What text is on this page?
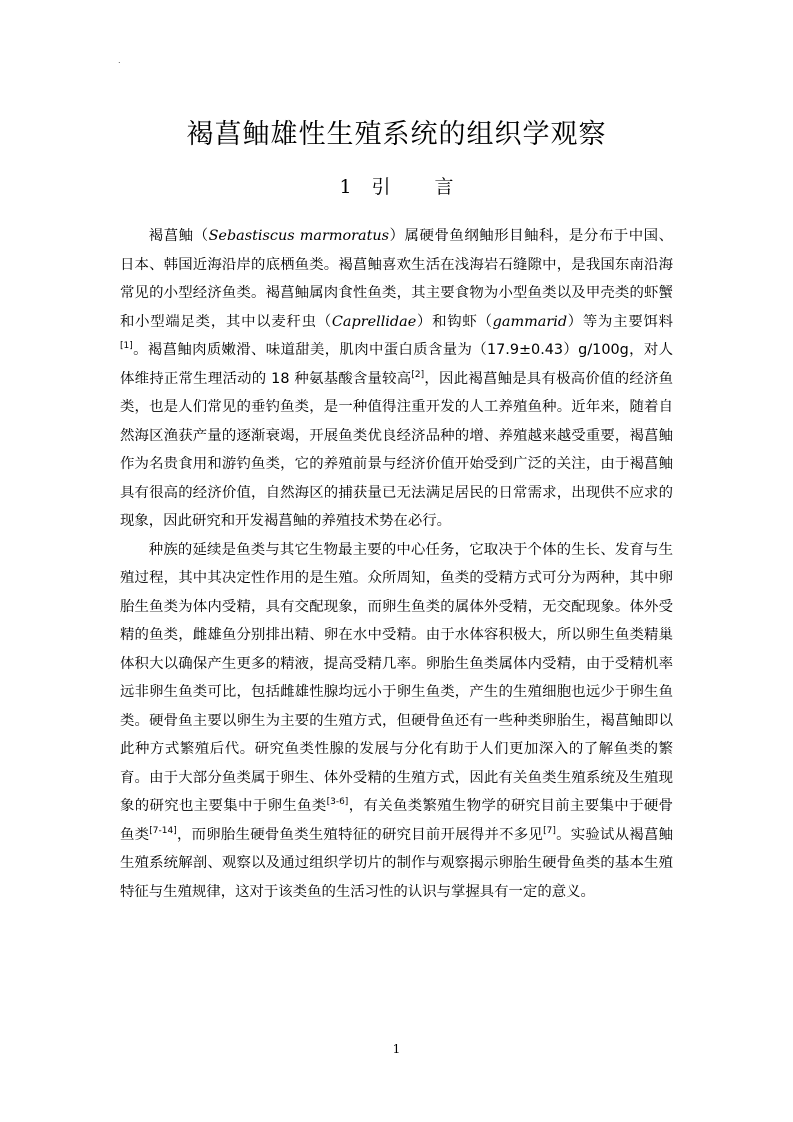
.
褐菖鲉雄性生殖系统的组织学观察
1 引 言

褐菖鲉（Sebastiscus marmoratus）属硬骨鱼纲鲉形目鲉科，是分布于中国、日本、韩国近海沿岸的底栖鱼类。褐菖鲉喜欢生活在浅海岩石缝隙中，是我国东南沿海常见的小型经济鱼类。褐菖鲉属肉食性鱼类，其主要食物为小型鱼类以及甲壳类的虾蟹和小型端足类，其中以麦秆虫（Caprellidae）和钩虾（gammarid）等为主要饵料[1]。褐菖鲉肉质嫩滑、味道甜美，肌肉中蛋白质含量为（17.9±0.43）g/100g，对人体维持正常生理活动的 18 种氨基酸含量较高[2]，因此褐菖鲉是具有极高价值的经济鱼类，也是人们常见的垂钓鱼类，是一种值得注重开发的人工养殖鱼种。近年来，随着自然海区渔获产量的逐渐衰竭，开展鱼类优良经济品种的增、养殖越来越受重要，褐菖鲉作为名贵食用和游钓鱼类，它的养殖前景与经济价值开始受到广泛的关注，由于褐菖鲉具有很高的经济价值，自然海区的捕获量已无法满足居民的日常需求，出现供不应求的现象，因此研究和开发褐菖鲉的养殖技术势在必行。

种族的延续是鱼类与其它生物最主要的中心任务，它取决于个体的生长、发育与生殖过程，其中其决定性作用的是生殖。众所周知，鱼类的受精方式可分为两种，其中卵胎生鱼类为体内受精，具有交配现象，而卵生鱼类的属体外受精，无交配现象。体外受精的鱼类，雌雄鱼分别排出精、卵在水中受精。由于水体容积极大，所以卵生鱼类精巢体积大以确保产生更多的精液，提高受精几率。卵胎生鱼类属体内受精，由于受精机率远非卵生鱼类可比，包括雌雄性腺均远小于卵生鱼类，产生的生殖细胞也远少于卵生鱼类。硬骨鱼主要以卵生为主要的生殖方式，但硬骨鱼还有一些种类卵胎生，褐菖鲉即以此种方式繁殖后代。研究鱼类性腺的发展与分化有助于人们更加深入的了解鱼类的繁育。由于大部分鱼类属于卵生、体外受精的生殖方式，因此有关鱼类生殖系统及生殖现象的研究也主要集中于卵生鱼类[3-6]，有关鱼类繁殖生物学的研究目前主要集中于硬骨鱼类[7-14]，而卵胎生硬骨鱼类生殖特征的研究目前开展得并不多见[7]。实验试从褐菖鲉生殖系统解剖、观察以及通过组织学切片的制作与观察揭示卵胎生硬骨鱼类的基本生殖特征与生殖规律，这对于该类鱼的生活习性的认识与掌握具有一定的意义。

1
